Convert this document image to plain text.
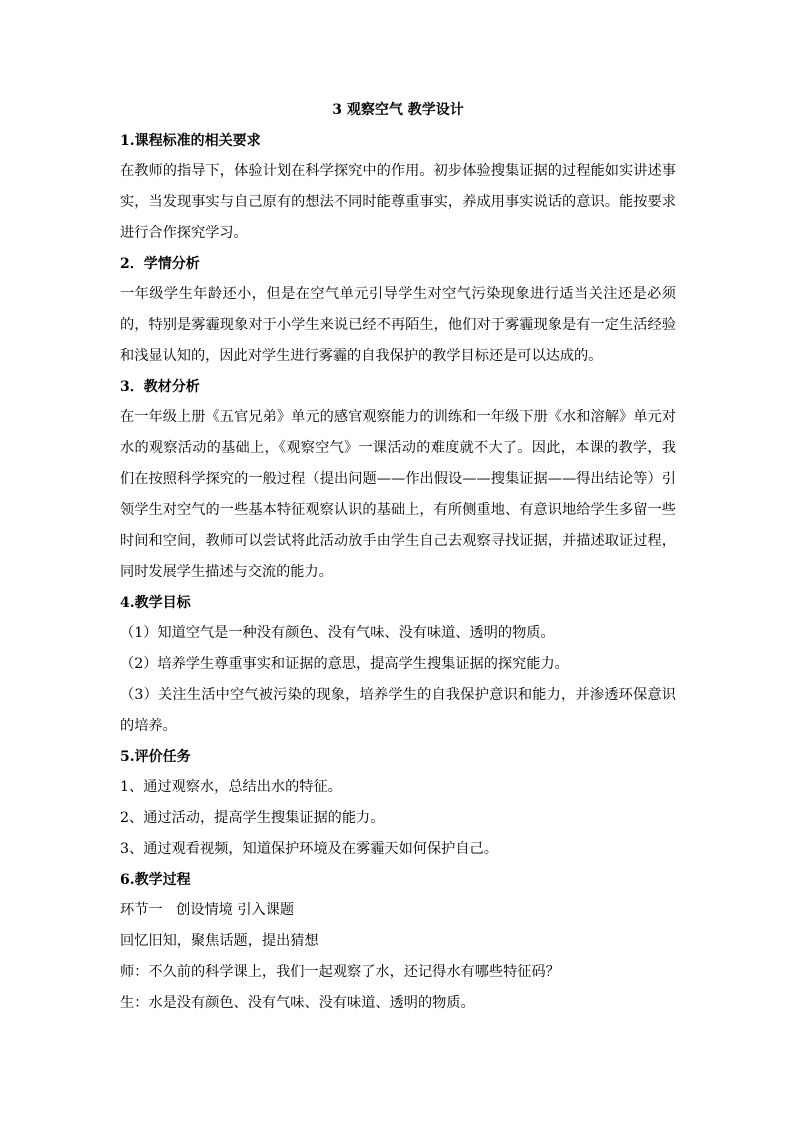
3 观察空气 教学设计
1.课程标准的相关要求

在教师的指导下，体验计划在科学探究中的作用。初步体验搜集证据的过程能如实讲述事实，当发现事实与自己原有的想法不同时能尊重事实，养成用事实说话的意识。能按要求进行合作探究学习。

2．学情分析

一年级学生年龄还小，但是在空气单元引导学生对空气污染现象进行适当关注还是必须的，特别是雾霾现象对于小学生来说已经不再陌生，他们对于雾霾现象是有一定生活经验和浅显认知的，因此对学生进行雾霾的自我保护的教学目标还是可以达成的。

3．教材分析

在一年级上册《五官兄弟》单元的感官观察能力的训练和一年级下册《水和溶解》单元对水的观察活动的基础上，《观察空气》一课活动的难度就不大了。因此，本课的教学，我们在按照科学探究的一般过程（提出问题——作出假设——搜集证据——得出结论等）引领学生对空气的一些基本特征观察认识的基础上，有所侧重地、有意识地给学生多留一些时间和空间，教师可以尝试将此活动放手由学生自己去观察寻找证据，并描述取证过程，同时发展学生描述与交流的能力。

4.教学目标

（1）知道空气是一种没有颜色、没有气味、没有味道、透明的物质。

（2）培养学生尊重事实和证据的意思，提高学生搜集证据的探究能力。

（3）关注生活中空气被污染的现象，培养学生的自我保护意识和能力，并渗透环保意识的培养。

5.评价任务

1、通过观察水，总结出水的特征。

2、通过活动，提高学生搜集证据的能力。

3、通过观看视频，知道保护环境及在雾霾天如何保护自己。

6.教学过程

环节一   创设情境 引入课题

回忆旧知，聚焦话题，提出猜想

师：不久前的科学课上，我们一起观察了水，还记得水有哪些特征码？

生：水是没有颜色、没有气味、没有味道、透明的物质。
